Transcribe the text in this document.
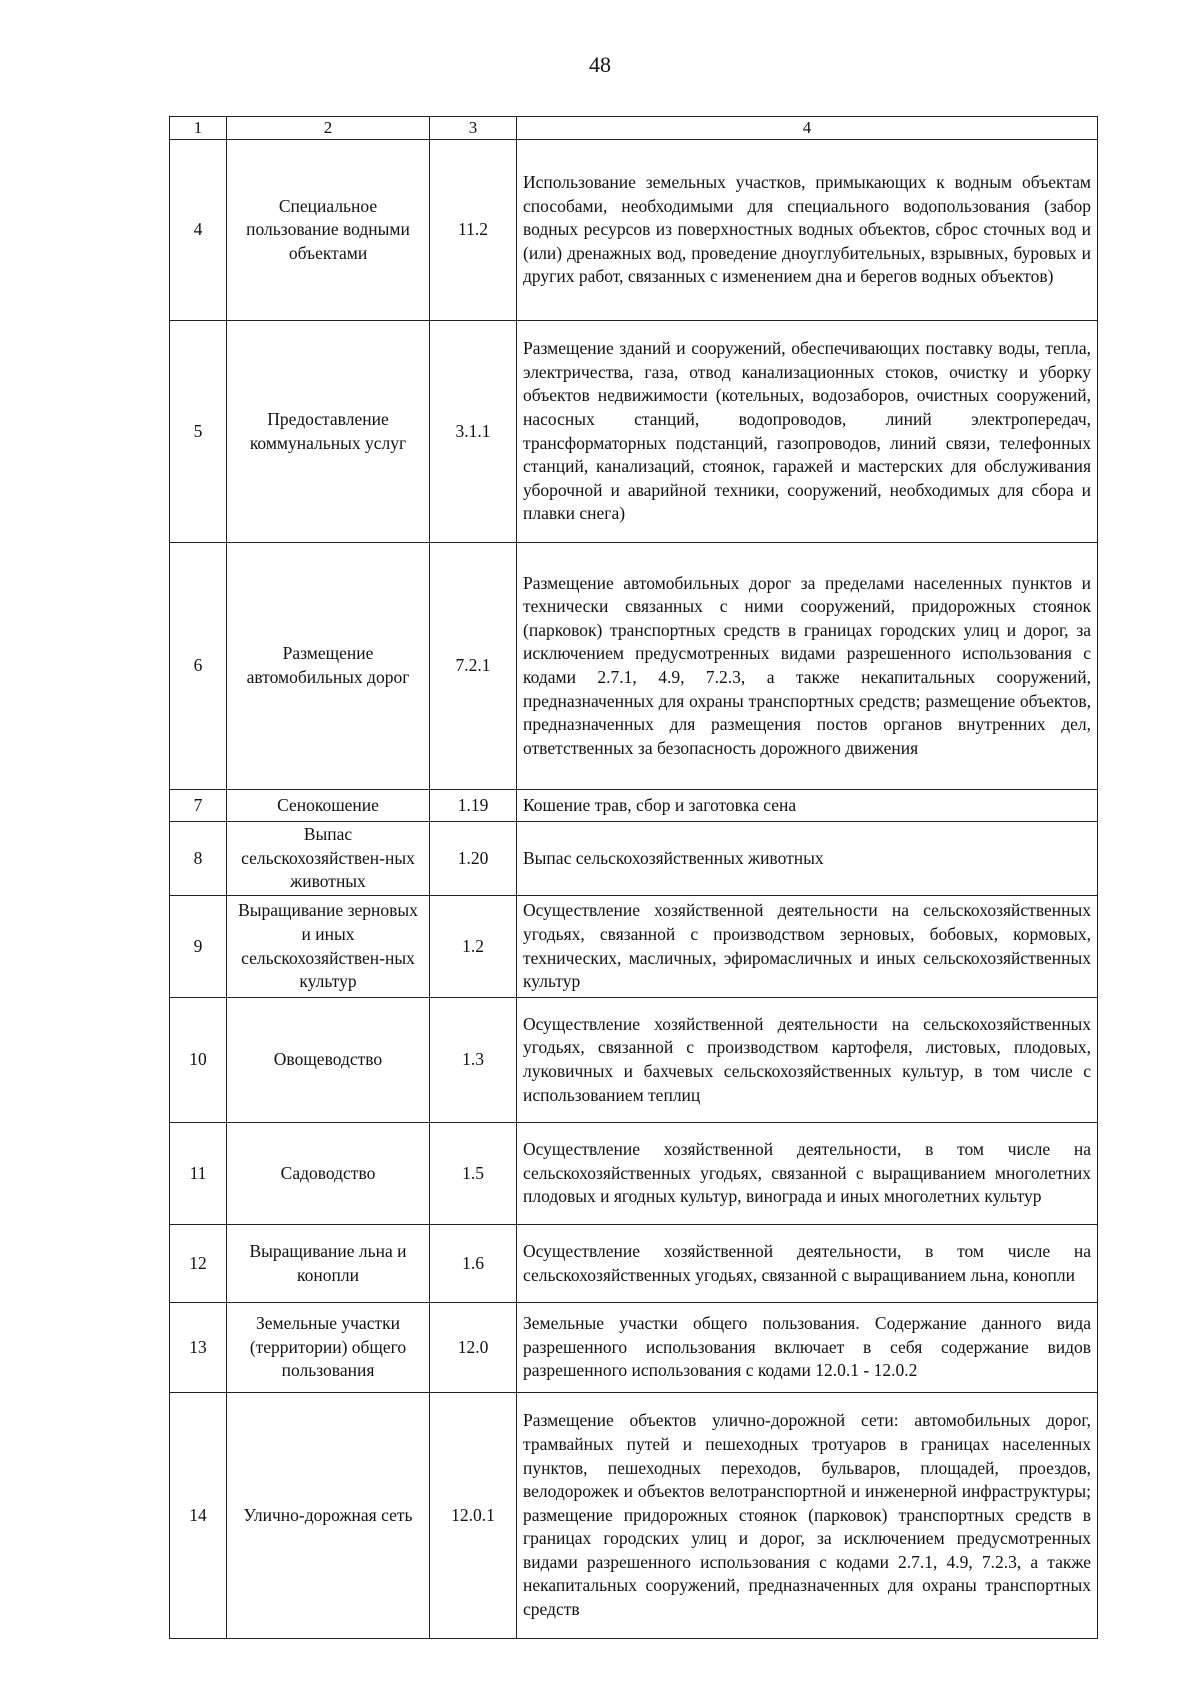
48
1	2	3	4
4	Специальное пользование водными объектами	11.2	Использование земельных участков, примыкающих к водным объектам способами, необходимыми для специального водопользования (забор водных ресурсов из поверхностных водных объектов, сброс сточных вод и (или) дренажных вод, проведение дноуглубительных, взрывных, буровых и других работ, связанных с изменением дна и берегов водных объектов)
5	Предоставление коммунальных услуг	3.1.1	Размещение зданий и сооружений, обеспечивающих поставку воды, тепла, электричества, газа, отвод канализационных стоков, очистку и уборку объектов недвижимости (котельных, водозаборов, очистных сооружений, насосных станций, водопроводов, линий электропередач, трансформаторных подстанций, газопроводов, линий связи, телефонных станций, канализаций, стоянок, гаражей и мастерских для обслуживания уборочной и аварийной техники, сооружений, необходимых для сбора и плавки снега)
6	Размещение автомобильных дорог	7.2.1	Размещение автомобильных дорог за пределами населенных пунктов и технически связанных с ними сооружений, придорожных стоянок (парковок) транспортных средств в границах городских улиц и дорог, за исключением предусмотренных видами разрешенного использования с кодами 2.7.1, 4.9, 7.2.3, а также некапитальных сооружений, предназначенных для охраны транспортных средств; размещение объектов, предназначенных для размещения постов органов внутренних дел, ответственных за безопасность дорожного движения
7	Сенокошение	1.19	Кошение трав, сбор и заготовка сена
8	Выпас сельскохозяйствен-ных животных	1.20	Выпас сельскохозяйственных животных
9	Выращивание зерновых и иных сельскохозяйствен-ных культур	1.2	Осуществление хозяйственной деятельности на сельскохозяйственных угодьях, связанной с производством зерновых, бобовых, кормовых, технических, масличных, эфиромасличных и иных сельскохозяйственных культур
10	Овощеводство	1.3	Осуществление хозяйственной деятельности на сельскохозяйственных угодьях, связанной с производством картофеля, листовых, плодовых, луковичных и бахчевых сельскохозяйственных культур, в том числе с использованием теплиц
11	Садоводство	1.5	Осуществление хозяйственной деятельности, в том числе на сельскохозяйственных угодьях, связанной с выращиванием многолетних плодовых и ягодных культур, винограда и иных многолетних культур
12	Выращивание льна и конопли	1.6	Осуществление хозяйственной деятельности, в том числе на сельскохозяйственных угодьях, связанной с выращиванием льна, конопли
13	Земельные участки (территории) общего пользования	12.0	Земельные участки общего пользования. Содержание данного вида разрешенного использования включает в себя содержание видов разрешенного использования с кодами 12.0.1 - 12.0.2
14	Улично-дорожная сеть	12.0.1	Размещение объектов улично-дорожной сети: автомобильных дорог, трамвайных путей и пешеходных тротуаров в границах населенных пунктов, пешеходных переходов, бульваров, площадей, проездов, велодорожек и объектов велотранспортной и инженерной инфраструктуры; размещение придорожных стоянок (парковок) транспортных средств в границах городских улиц и дорог, за исключением предусмотренных видами разрешенного использования с кодами 2.7.1, 4.9, 7.2.3, а также некапитальных сооружений, предназначенных для охраны транспортных средств
